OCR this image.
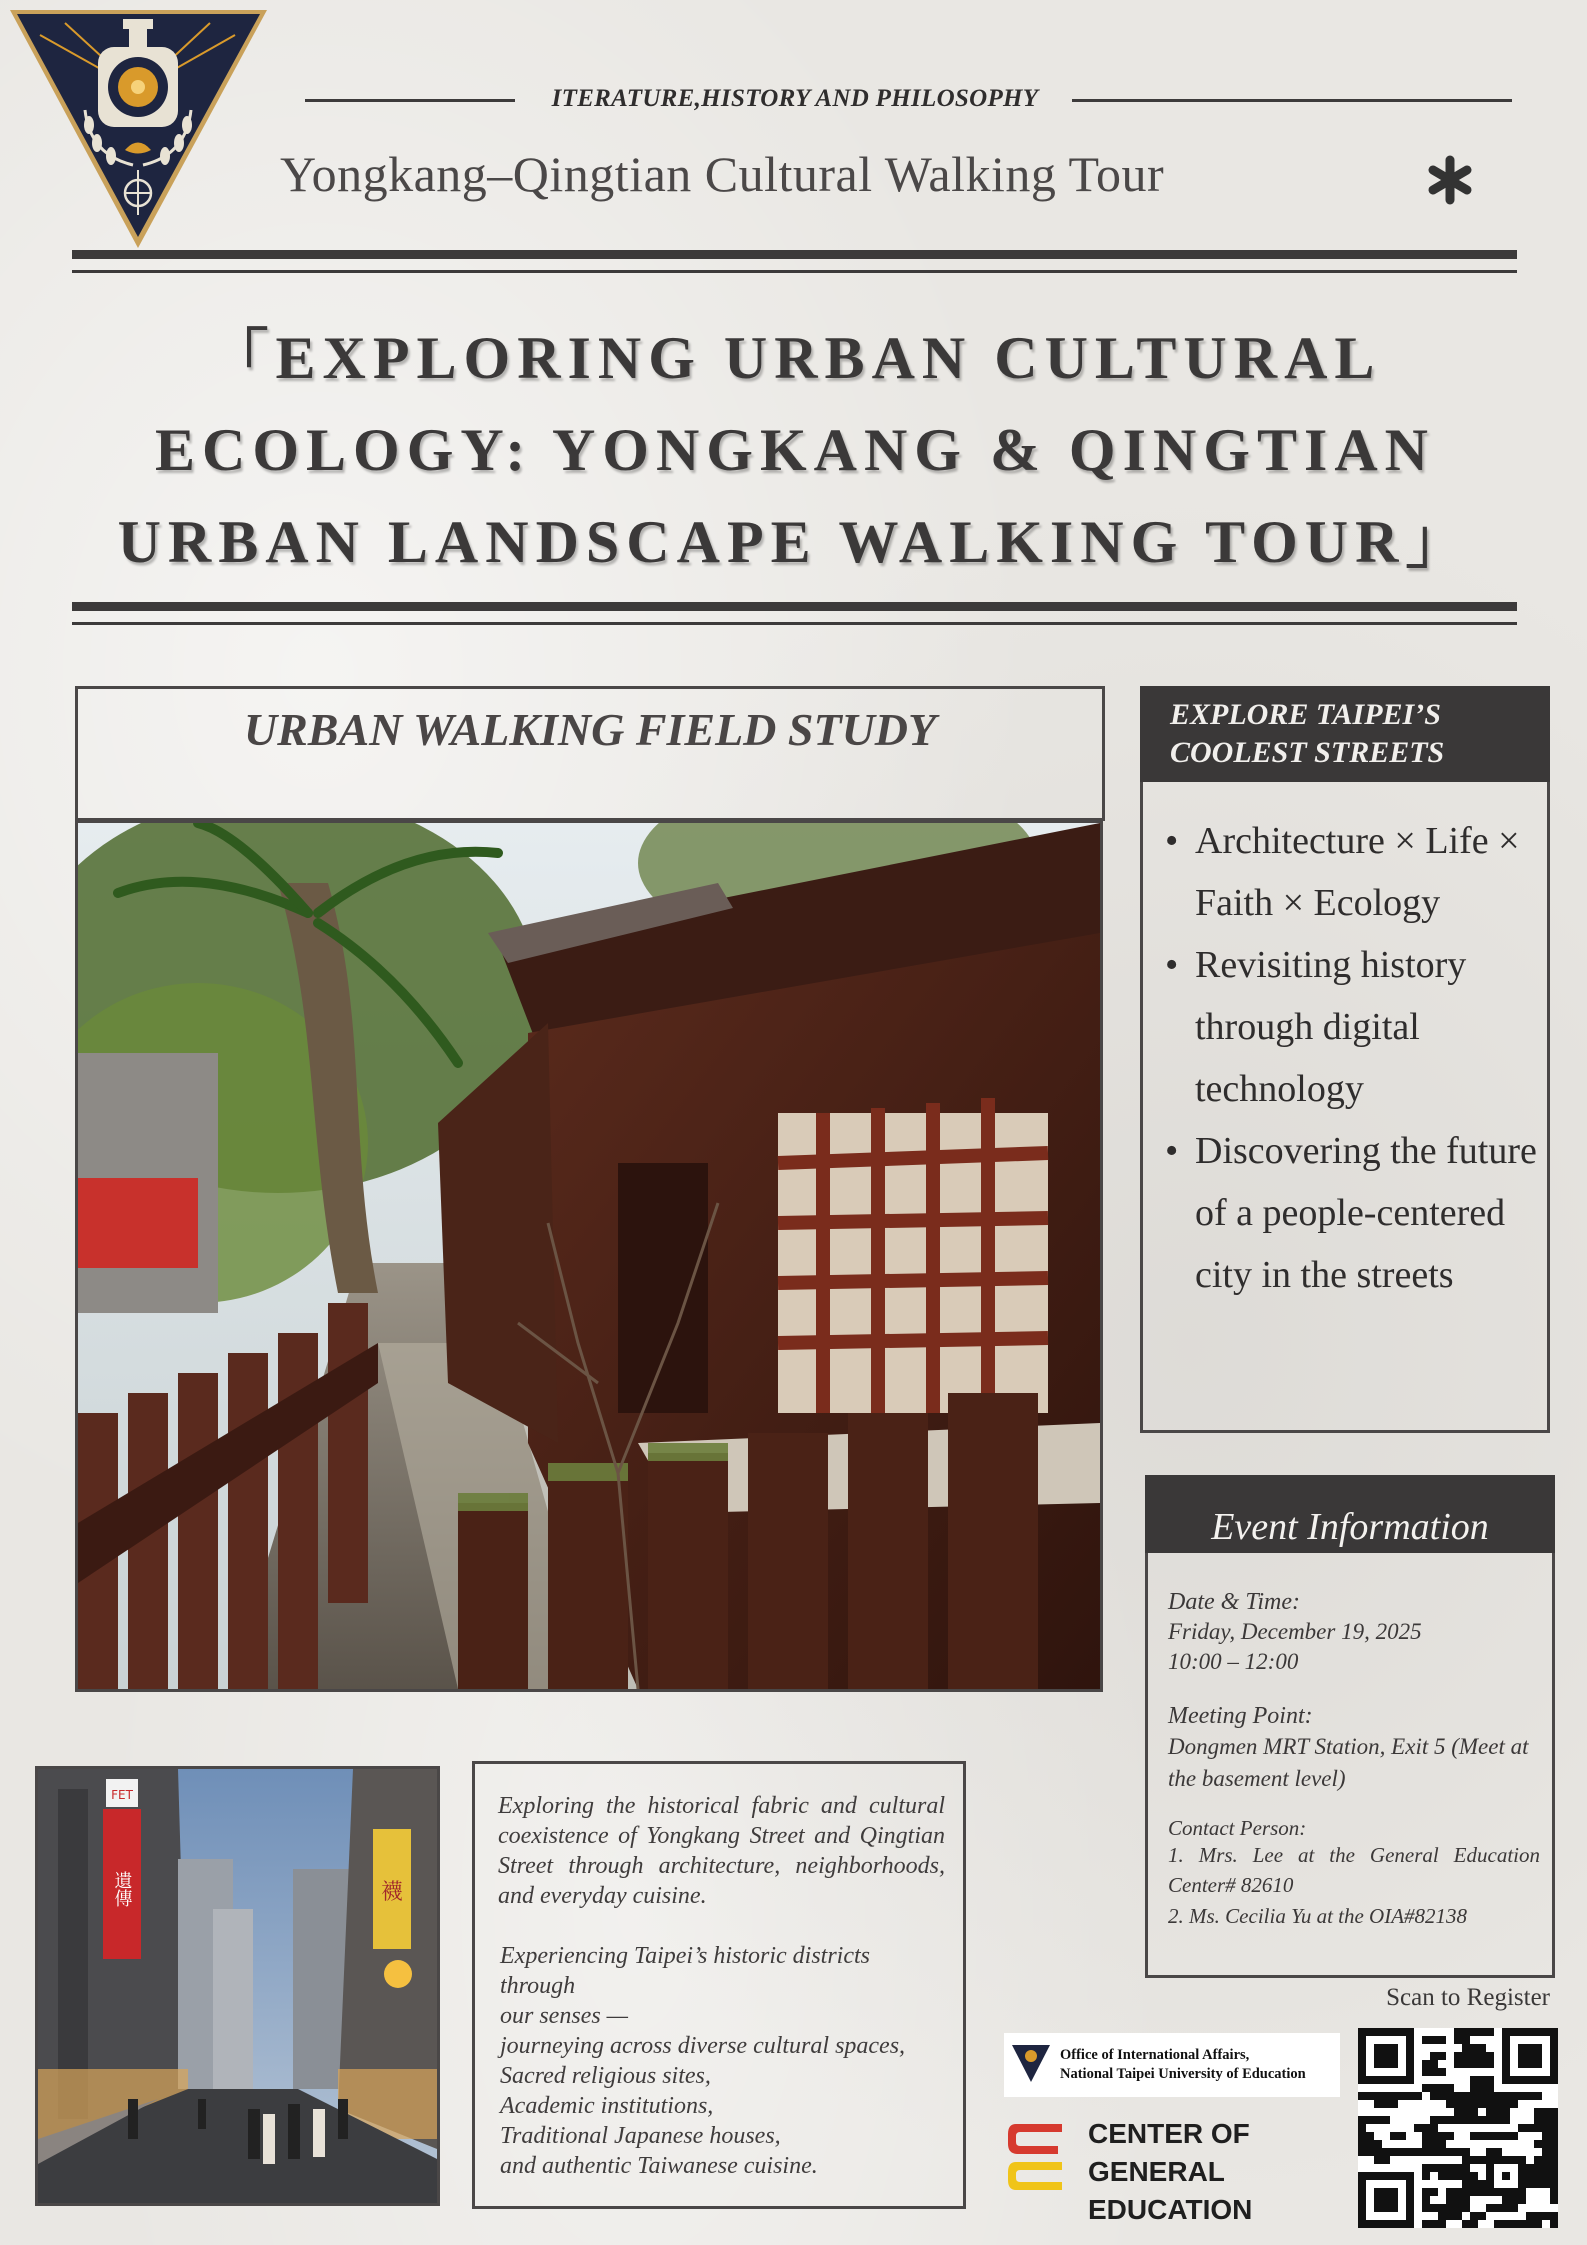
ITERATURE,HISTORY AND PHILOSOPHY
Yongkang–Qingtian Cultural Walking Tour
「EXPLORING URBAN CULTURAL
ECOLOGY: YONGKANG & QINGTIAN
URBAN LANDSCAPE WALKING TOUR」
URBAN WALKING FIELD STUDY	EXPLORE TAIPEI’S
COOLEST STREETS
• Architecture × Life × Faith × Ecology
• Revisiting history through digital technology
• Discovering the future of a people-centered city in the streets
Event Information
Date & Time:
Friday, December 19, 2025
10:00 – 12:00
Meeting Point:
Dongmen MRT Station, Exit 5 (Meet at the basement level)
Contact Person:
1. Mrs. Lee at the General Education Center# 82610
2. Ms. Cecilia Yu at the OIA#82138
遺傳
FET
襪
Exploring the historical fabric and cultural coexistence of Yongkang Street and Qingtian Street through architecture, neighborhoods, and everyday cuisine.
Experiencing Taipei’s historic districts through
our senses —
journeying across diverse cultural spaces,
Sacred religious sites,
Academic institutions,
Traditional Japanese houses,
and authentic Taiwanese cuisine.
Scan to Register
Office of International Affairs,
National Taipei University of Education
CENTER OF GENERAL
EDUCATION
